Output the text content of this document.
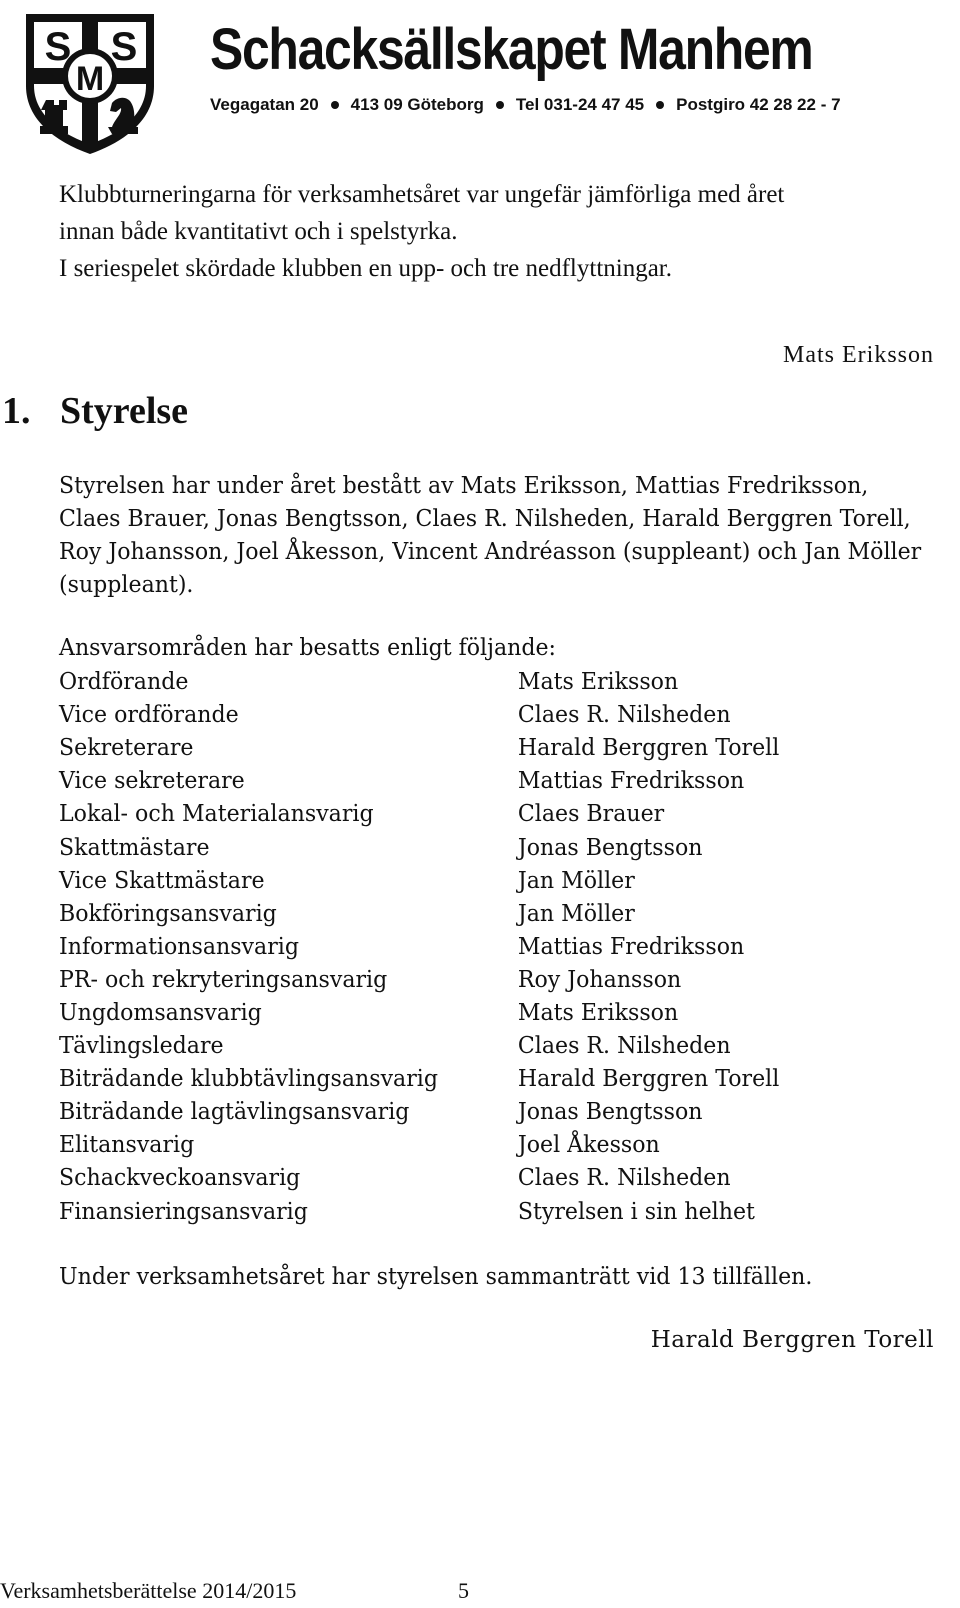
S S
M Schacksällskapet Manhem
Vegagatan 20 413 09 Göteborg Tel 031-24 47 45 Postgiro 42 28 22 - 7

Klubbturneringarna för verksamhetsåret var ungefär jämförliga med året

innan både kvantitativt och i spelstyrka.

I seriespelet skördade klubben en upp- och tre nedflyttningar.

Mats Eriksson
1. Styrelse

Styrelsen har under året bestått av Mats Eriksson, Mattias Fredriksson, Claes Brauer, Jonas Bengtsson, Claes R. Nilsheden, Harald Berggren Torell, Roy Johansson, Joel Åkesson, Vincent Andréasson (suppleant) och Jan Möller (suppleant).

Ansvarsområden har besatts enligt följande:
Ordförande	Mats Eriksson
Vice ordförande	Claes R. Nilsheden
Sekreterare	Harald Berggren Torell
Vice sekreterare	Mattias Fredriksson
Lokal- och Materialansvarig	Claes Brauer
Skattmästare	Jonas Bengtsson
Vice Skattmästare	Jan Möller
Bokföringsansvarig	Jan Möller
Informationsansvarig	Mattias Fredriksson
PR- och rekryteringsansvarig	Roy Johansson
Ungdomsansvarig	Mats Eriksson
Tävlingsledare	Claes R. Nilsheden
Biträdande klubbtävlingsansvarig	Harald Berggren Torell
Biträdande lagtävlingsansvarig	Jonas Bengtsson
Elitansvarig	Joel Åkesson
Schackveckoansvarig	Claes R. Nilsheden
Finansieringsansvarig	Styrelsen i sin helhet
Under verksamhetsåret har styrelsen sammanträtt vid 13 tillfällen.
Harald Berggren Torell
Verksamhetsberättelse 2014/2015	5
